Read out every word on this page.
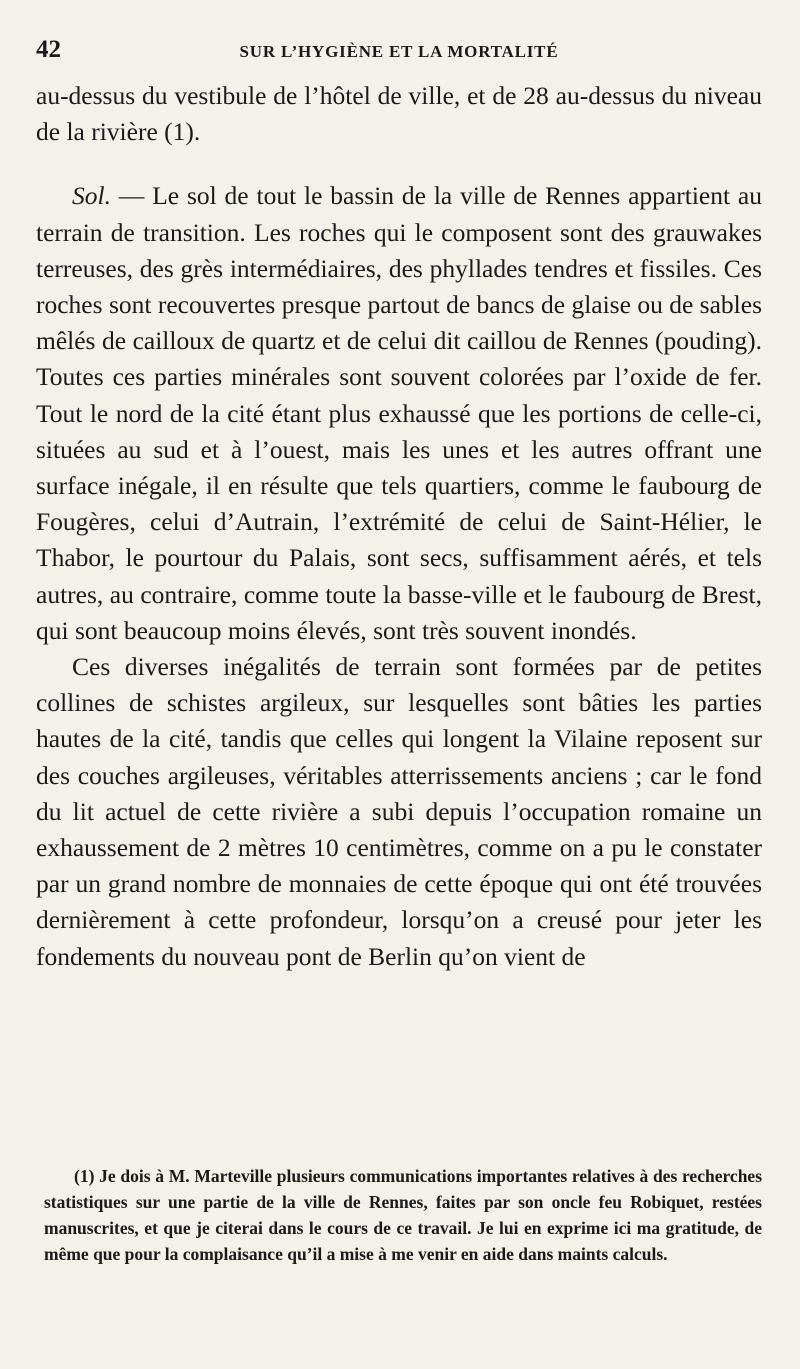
42	SUR L’HYGIÈNE ET LA MORTALITÉ

au-dessus du vestibule de l’hôtel de ville, et de 28 au-dessus du niveau de la rivière (1).

Sol. — Le sol de tout le bassin de la ville de Rennes appartient au terrain de transition. Les roches qui le composent sont des grauwakes terreuses, des grès intermédiaires, des phyllades tendres et fissiles. Ces roches sont recouvertes presque partout de bancs de glaise ou de sables mêlés de cailloux de quartz et de celui dit caillou de Rennes (pouding). Toutes ces parties minérales sont souvent colorées par l’oxide de fer. Tout le nord de la cité étant plus exhaussé que les portions de celle-ci, situées au sud et à l’ouest, mais les unes et les autres offrant une surface inégale, il en résulte que tels quartiers, comme le faubourg de Fougères, celui d’Autrain, l’extrémité de celui de Saint-Hélier, le Thabor, le pourtour du Palais, sont secs, suffisamment aérés, et tels autres, au contraire, comme toute la basse-ville et le faubourg de Brest, qui sont beaucoup moins élevés, sont très souvent inondés.

Ces diverses inégalités de terrain sont formées par de petites collines de schistes argileux, sur lesquelles sont bâties les parties hautes de la cité, tandis que celles qui longent la Vilaine reposent sur des couches argileuses, véritables atterrissements anciens ; car le fond du lit actuel de cette rivière a subi depuis l’occupation romaine un exhaussement de 2 mètres 10 centimètres, comme on a pu le constater par un grand nombre de monnaies de cette époque qui ont été trouvées dernièrement à cette profondeur, lorsqu’on a creusé pour jeter les fondements du nouveau pont de Berlin qu’on vient de

(1) Je dois à M. Marteville plusieurs communications importantes relatives à des recherches statistiques sur une partie de la ville de Rennes, faites par son oncle feu Robiquet, restées manuscrites, et que je citerai dans le cours de ce travail. Je lui en exprime ici ma gratitude, de même que pour la complaisance qu’il a mise à me venir en aide dans maints calculs.
